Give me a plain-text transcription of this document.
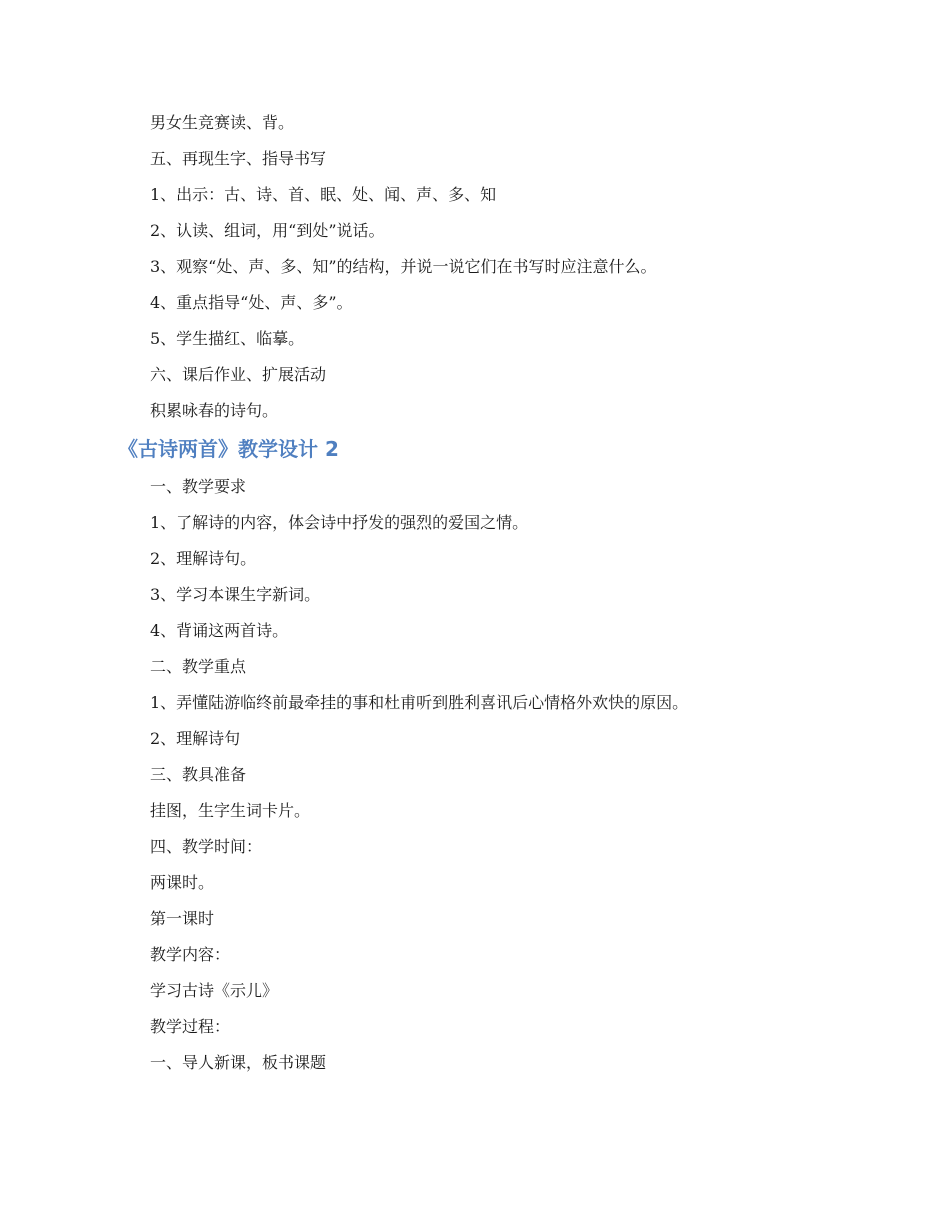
男女生竞赛读、背。
五、再现生字、指导书写
1、出示：古、诗、首、眠、处、闻、声、多、知
2、认读、组词，用“到处”说话。
3、观察“处、声、多、知”的结构，并说一说它们在书写时应注意什么。
4、重点指导“处、声、多”。
5、学生描红、临摹。
六、课后作业、扩展活动
积累咏春的诗句。
《古诗两首》教学设计 2
一、教学要求
1、了解诗的内容，体会诗中抒发的强烈的爱国之情。
2、理解诗句。
3、学习本课生字新词。
4、背诵这两首诗。
二、教学重点
1、弄懂陆游临终前最牵挂的事和杜甫听到胜利喜讯后心情格外欢快的原因。
2、理解诗句
三、教具准备
挂图，生字生词卡片。
四、教学时间：
两课时。
第一课时
教学内容：
学习古诗《示儿》
教学过程：
一、导人新课，板书课题
